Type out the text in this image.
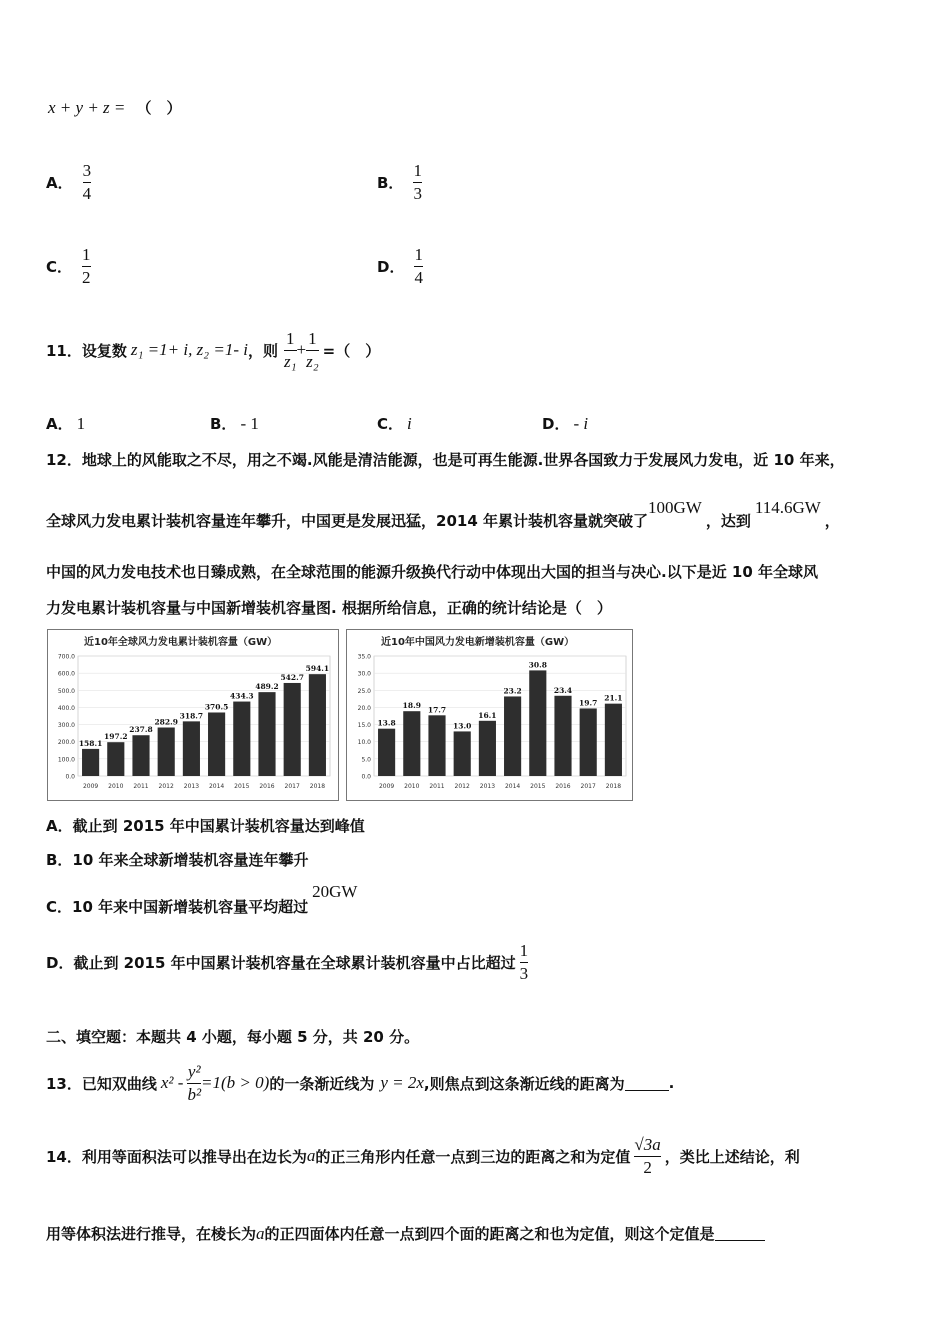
x + y + z = （　）
A． $\frac{3}{4}$	B． $\frac{1}{3}$
C． $\frac{1}{2}$	D． $\frac{1}{4}$
11．设复数 z₁ =1+ i, z₂ =1- i ，则 $\frac{1}{\text{z₁}} + \frac{1}{\text{z₂}}$ =（　）
A． 1	B． - 1	C． i	D． - i
12．地球上的风能取之不尽，用之不竭.风能是清洁能源，也是可再生能源.世界各国致力于发展风力发电，近 10 年来，
全球风力发电累计装机容量连年攀升，中国更是发展迅猛，2014 年累计装机容量就突破了
100GW
，达到
114.6GW
，
中国的风力发电技术也日臻成熟，在全球范围的能源升级换代行动中体现出大国的担当与决心.以下是近 10 年全球风
力发电累计装机容量与中国新增装机容量图. 根据所给信息，正确的统计结论是（　）
近10年全球风力发电累计装机容量（GW）
0.0
100.0
200.0
300.0
400.0
500.0
600.0
700.0
158.1
2009
197.2
2010
237.8
2011
282.9
2012
318.7
2013
370.5
2014
434.3
2015
489.2
2016
542.7
2017
594.1
2018
近10年中国风力发电新增装机容量（GW）
0.0
5.0
10.0
15.0
20.0
25.0
30.0
35.0
13.8
2009
18.9
2010
17.7
2011
13.0
2012
16.1
2013
23.2
2014
30.8
2015
23.4
2016
19.7
2017
21.1
2018
A．截止到 2015 年中国累计装机容量达到峰值
B．10 年来全球新增装机容量连年攀升
C．10 年来中国新增装机容量平均超过
20GW
D．截止到 2015 年中国累计装机容量在全球累计装机容量中占比超过 $\frac{1}{3}$
二、填空题：本题共 4 小题，每小题 5 分，共 20 分。
13．已知双曲线 $x^2 - \frac{\text{y²}}{\text{b²}} =1(b > 0)$ 的一条渐近线为 y = 2x ,则焦点到这条渐近线的距离为	.
14．利用等面积法可以推导出在边长为 a 的正三角形内任意一点到三边的距离之和为定值 $\frac{√3a}{2}$ ，类比上述结论，利
用等体积法进行推导，在棱长为 a 的正四面体内任意一点到四个面的距离之和也为定值，则这个定值是
